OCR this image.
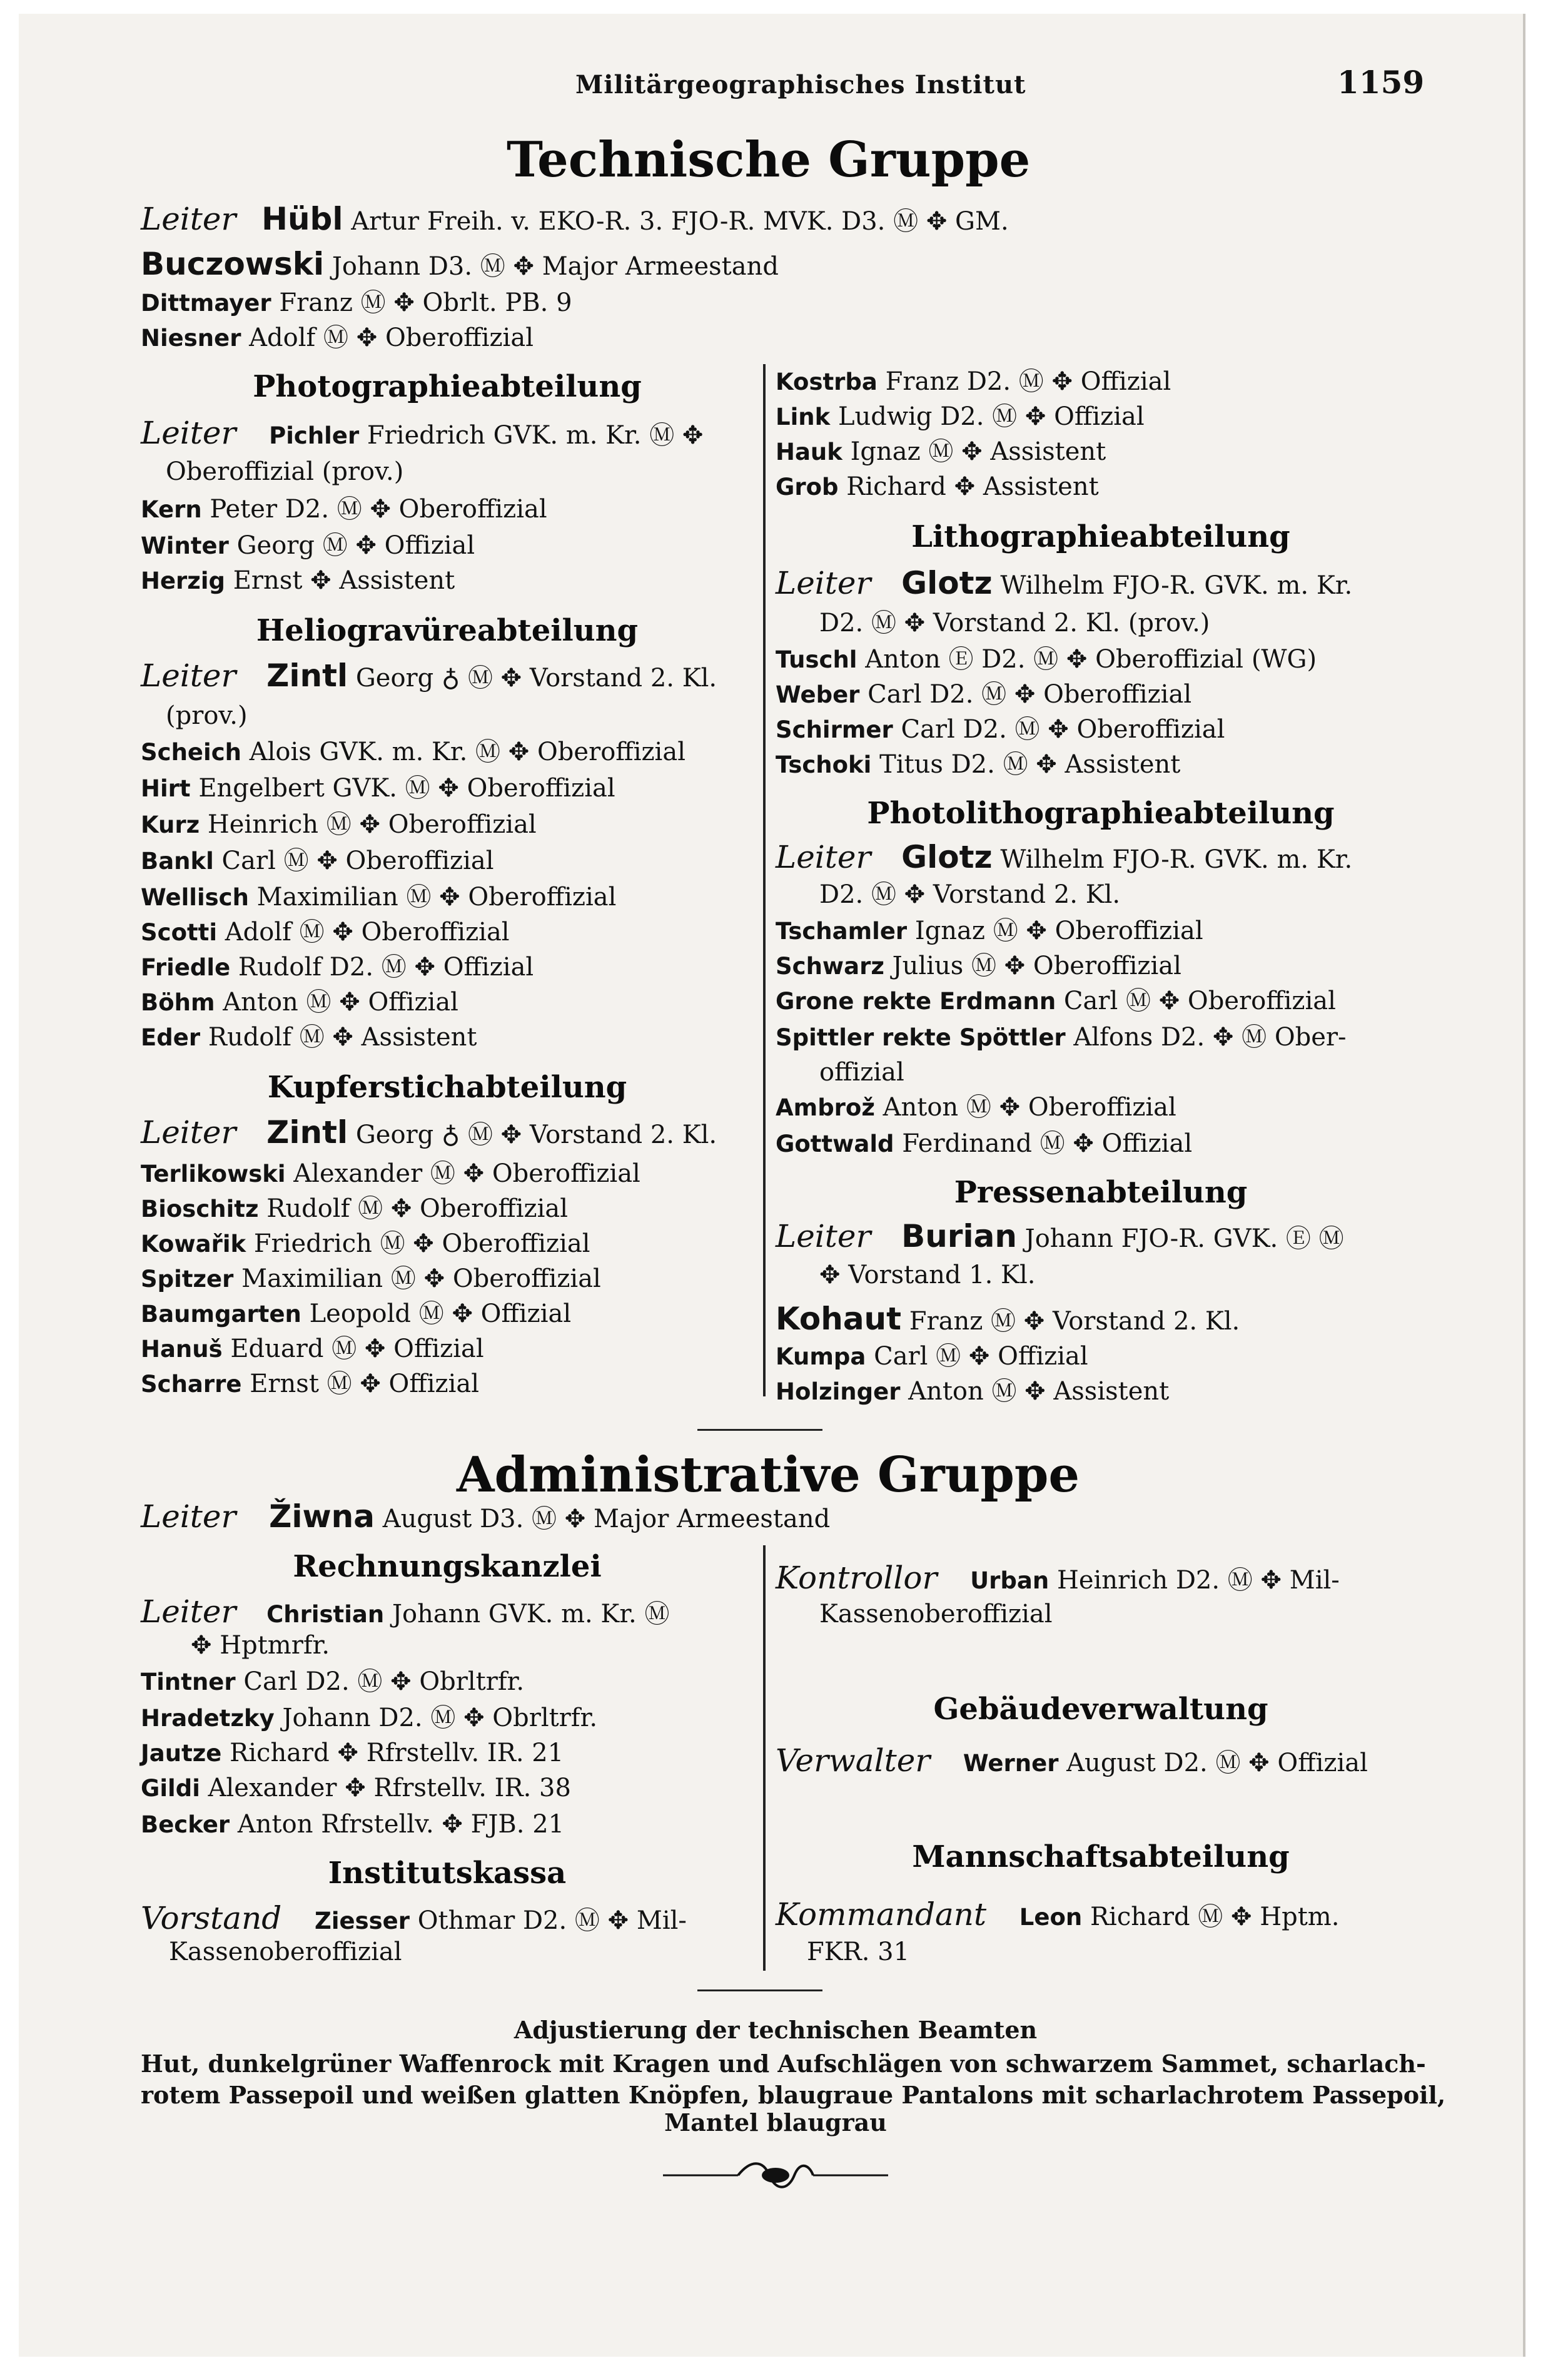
Militärgeographisches Institut	1159
Technische Gruppe
Leiter Hübl Artur Freih. v. EKO-R. 3. FJO-R. MVK. D3. Ⓜ ✥ GM.
Buczowski Johann D3. Ⓜ ✥ Major Armeestand
Dittmayer Franz Ⓜ ✥ Obrlt. PB. 9
Niesner Adolf Ⓜ ✥ Oberoffizial
Photographieabteilung
Leiter Pichler Friedrich GVK. m. Kr. Ⓜ ✥
Oberoffizial (prov.)
Kern Peter D2. Ⓜ ✥ Oberoffizial
Winter Georg Ⓜ ✥ Offizial
Herzig Ernst ✥ Assistent
Heliogravüreabteilung
Leiter Zintl Georg ♁ Ⓜ ✥ Vorstand 2. Kl.
(prov.)
Scheich Alois GVK. m. Kr. Ⓜ ✥ Oberoffizial
Hirt Engelbert GVK. Ⓜ ✥ Oberoffizial
Kurz Heinrich Ⓜ ✥ Oberoffizial
Bankl Carl Ⓜ ✥ Oberoffizial
Wellisch Maximilian Ⓜ ✥ Oberoffizial
Scotti Adolf Ⓜ ✥ Oberoffizial
Friedle Rudolf D2. Ⓜ ✥ Offizial
Böhm Anton Ⓜ ✥ Offizial
Eder Rudolf Ⓜ ✥ Assistent
Kupferstichabteilung
Leiter Zintl Georg ♁ Ⓜ ✥ Vorstand 2. Kl.
Terlikowski Alexander Ⓜ ✥ Oberoffizial
Bioschitz Rudolf Ⓜ ✥ Oberoffizial
Kowařik Friedrich Ⓜ ✥ Oberoffizial
Spitzer Maximilian Ⓜ ✥ Oberoffizial
Baumgarten Leopold Ⓜ ✥ Offizial
Hanuš Eduard Ⓜ ✥ Offizial
Scharre Ernst Ⓜ ✥ Offizial
Kostrba Franz D2. Ⓜ ✥ Offizial
Link Ludwig D2. Ⓜ ✥ Offizial
Hauk Ignaz Ⓜ ✥ Assistent
Grob Richard ✥ Assistent
Lithographieabteilung
Leiter Glotz Wilhelm FJO-R. GVK. m. Kr.
D2. Ⓜ ✥ Vorstand 2. Kl. (prov.)
Tuschl Anton Ⓔ D2. Ⓜ ✥ Oberoffizial (WG)
Weber Carl D2. Ⓜ ✥ Oberoffizial
Schirmer Carl D2. Ⓜ ✥ Oberoffizial
Tschoki Titus D2. Ⓜ ✥ Assistent
Photolithographieabteilung
Leiter Glotz Wilhelm FJO-R. GVK. m. Kr.
D2. Ⓜ ✥ Vorstand 2. Kl.
Tschamler Ignaz Ⓜ ✥ Oberoffizial
Schwarz Julius Ⓜ ✥ Oberoffizial
Grone rekte Erdmann Carl Ⓜ ✥ Oberoffizial
Spittler rekte Spöttler Alfons D2. ✥ Ⓜ Ober-
offizial
Ambrož Anton Ⓜ ✥ Oberoffizial
Gottwald Ferdinand Ⓜ ✥ Offizial
Pressenabteilung
Leiter Burian Johann FJO-R. GVK. Ⓔ Ⓜ
✥ Vorstand 1. Kl.
Kohaut Franz Ⓜ ✥ Vorstand 2. Kl.
Kumpa Carl Ⓜ ✥ Offizial
Holzinger Anton Ⓜ ✥ Assistent
Administrative Gruppe
Leiter Žiwna August D3. Ⓜ ✥ Major Armeestand
Rechnungskanzlei
Leiter Christian Johann GVK. m. Kr. Ⓜ
✥ Hptmrfr.
Tintner Carl D2. Ⓜ ✥ Obrltrfr.
Hradetzky Johann D2. Ⓜ ✥ Obrltrfr.
Jautze Richard ✥ Rfrstellv. IR. 21
Gildi Alexander ✥ Rfrstellv. IR. 38
Becker Anton Rfrstellv. ✥ FJB. 21
Institutskassa
Vorstand Ziesser Othmar D2. Ⓜ ✥ Mil-
Kassenoberoffizial
Kontrollor Urban Heinrich D2. Ⓜ ✥ Mil-
Kassenoberoffizial
Gebäudeverwaltung
Verwalter Werner August D2. Ⓜ ✥ Offizial
Mannschaftsabteilung
Kommandant Leon Richard Ⓜ ✥ Hptm.
FKR. 31
Adjustierung der technischen Beamten
Hut, dunkelgrüner Waffenrock mit Kragen und Aufschlägen von schwarzem Sammet, scharlach-
rotem Passepoil und weißen glatten Knöpfen, blaugraue Pantalons mit scharlachrotem Passepoil,
Mantel blaugrau
